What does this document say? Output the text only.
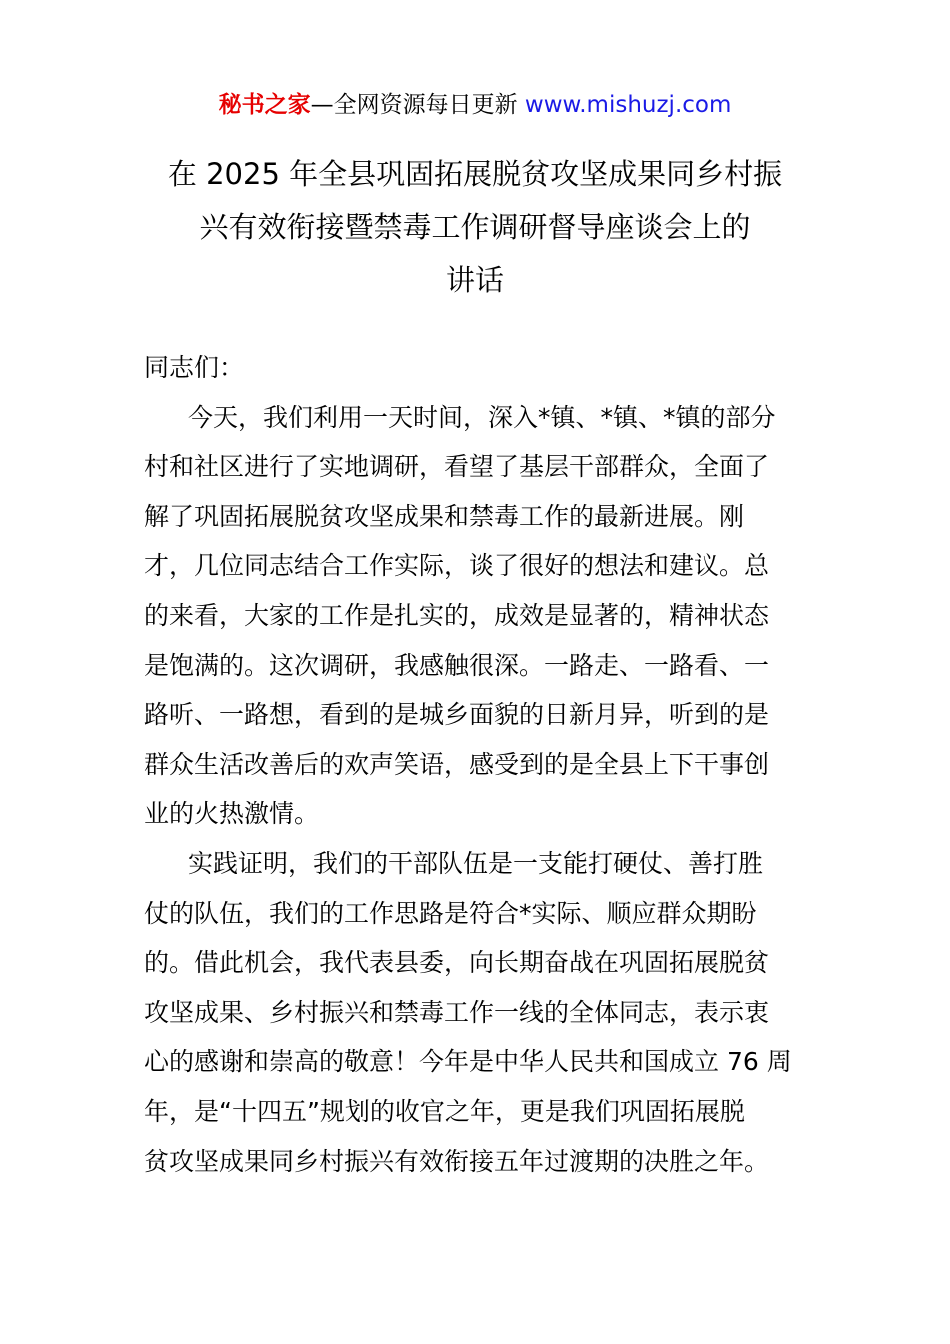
秘书之家—全网资源每日更新 www.mishuzj.com
在 2025 年全县巩固拓展脱贫攻坚成果同乡村振
兴有效衔接暨禁毒工作调研督导座谈会上的
讲话

同志们：

今天，我们利用一天时间，深入*镇、*镇、*镇的部分
村和社区进行了实地调研，看望了基层干部群众，全面了
解了巩固拓展脱贫攻坚成果和禁毒工作的最新进展。刚
才，几位同志结合工作实际，谈了很好的想法和建议。总
的来看，大家的工作是扎实的，成效是显著的，精神状态
是饱满的。这次调研，我感触很深。一路走、一路看、一
路听、一路想，看到的是城乡面貌的日新月异，听到的是
群众生活改善后的欢声笑语，感受到的是全县上下干事创
业的火热激情。

实践证明，我们的干部队伍是一支能打硬仗、善打胜
仗的队伍，我们的工作思路是符合*实际、顺应群众期盼
的。借此机会，我代表县委，向长期奋战在巩固拓展脱贫
攻坚成果、乡村振兴和禁毒工作一线的全体同志，表示衷
心的感谢和崇高的敬意！今年是中华人民共和国成立 76 周
年，是“十四五”规划的收官之年，更是我们巩固拓展脱
贫攻坚成果同乡村振兴有效衔接五年过渡期的决胜之年。
